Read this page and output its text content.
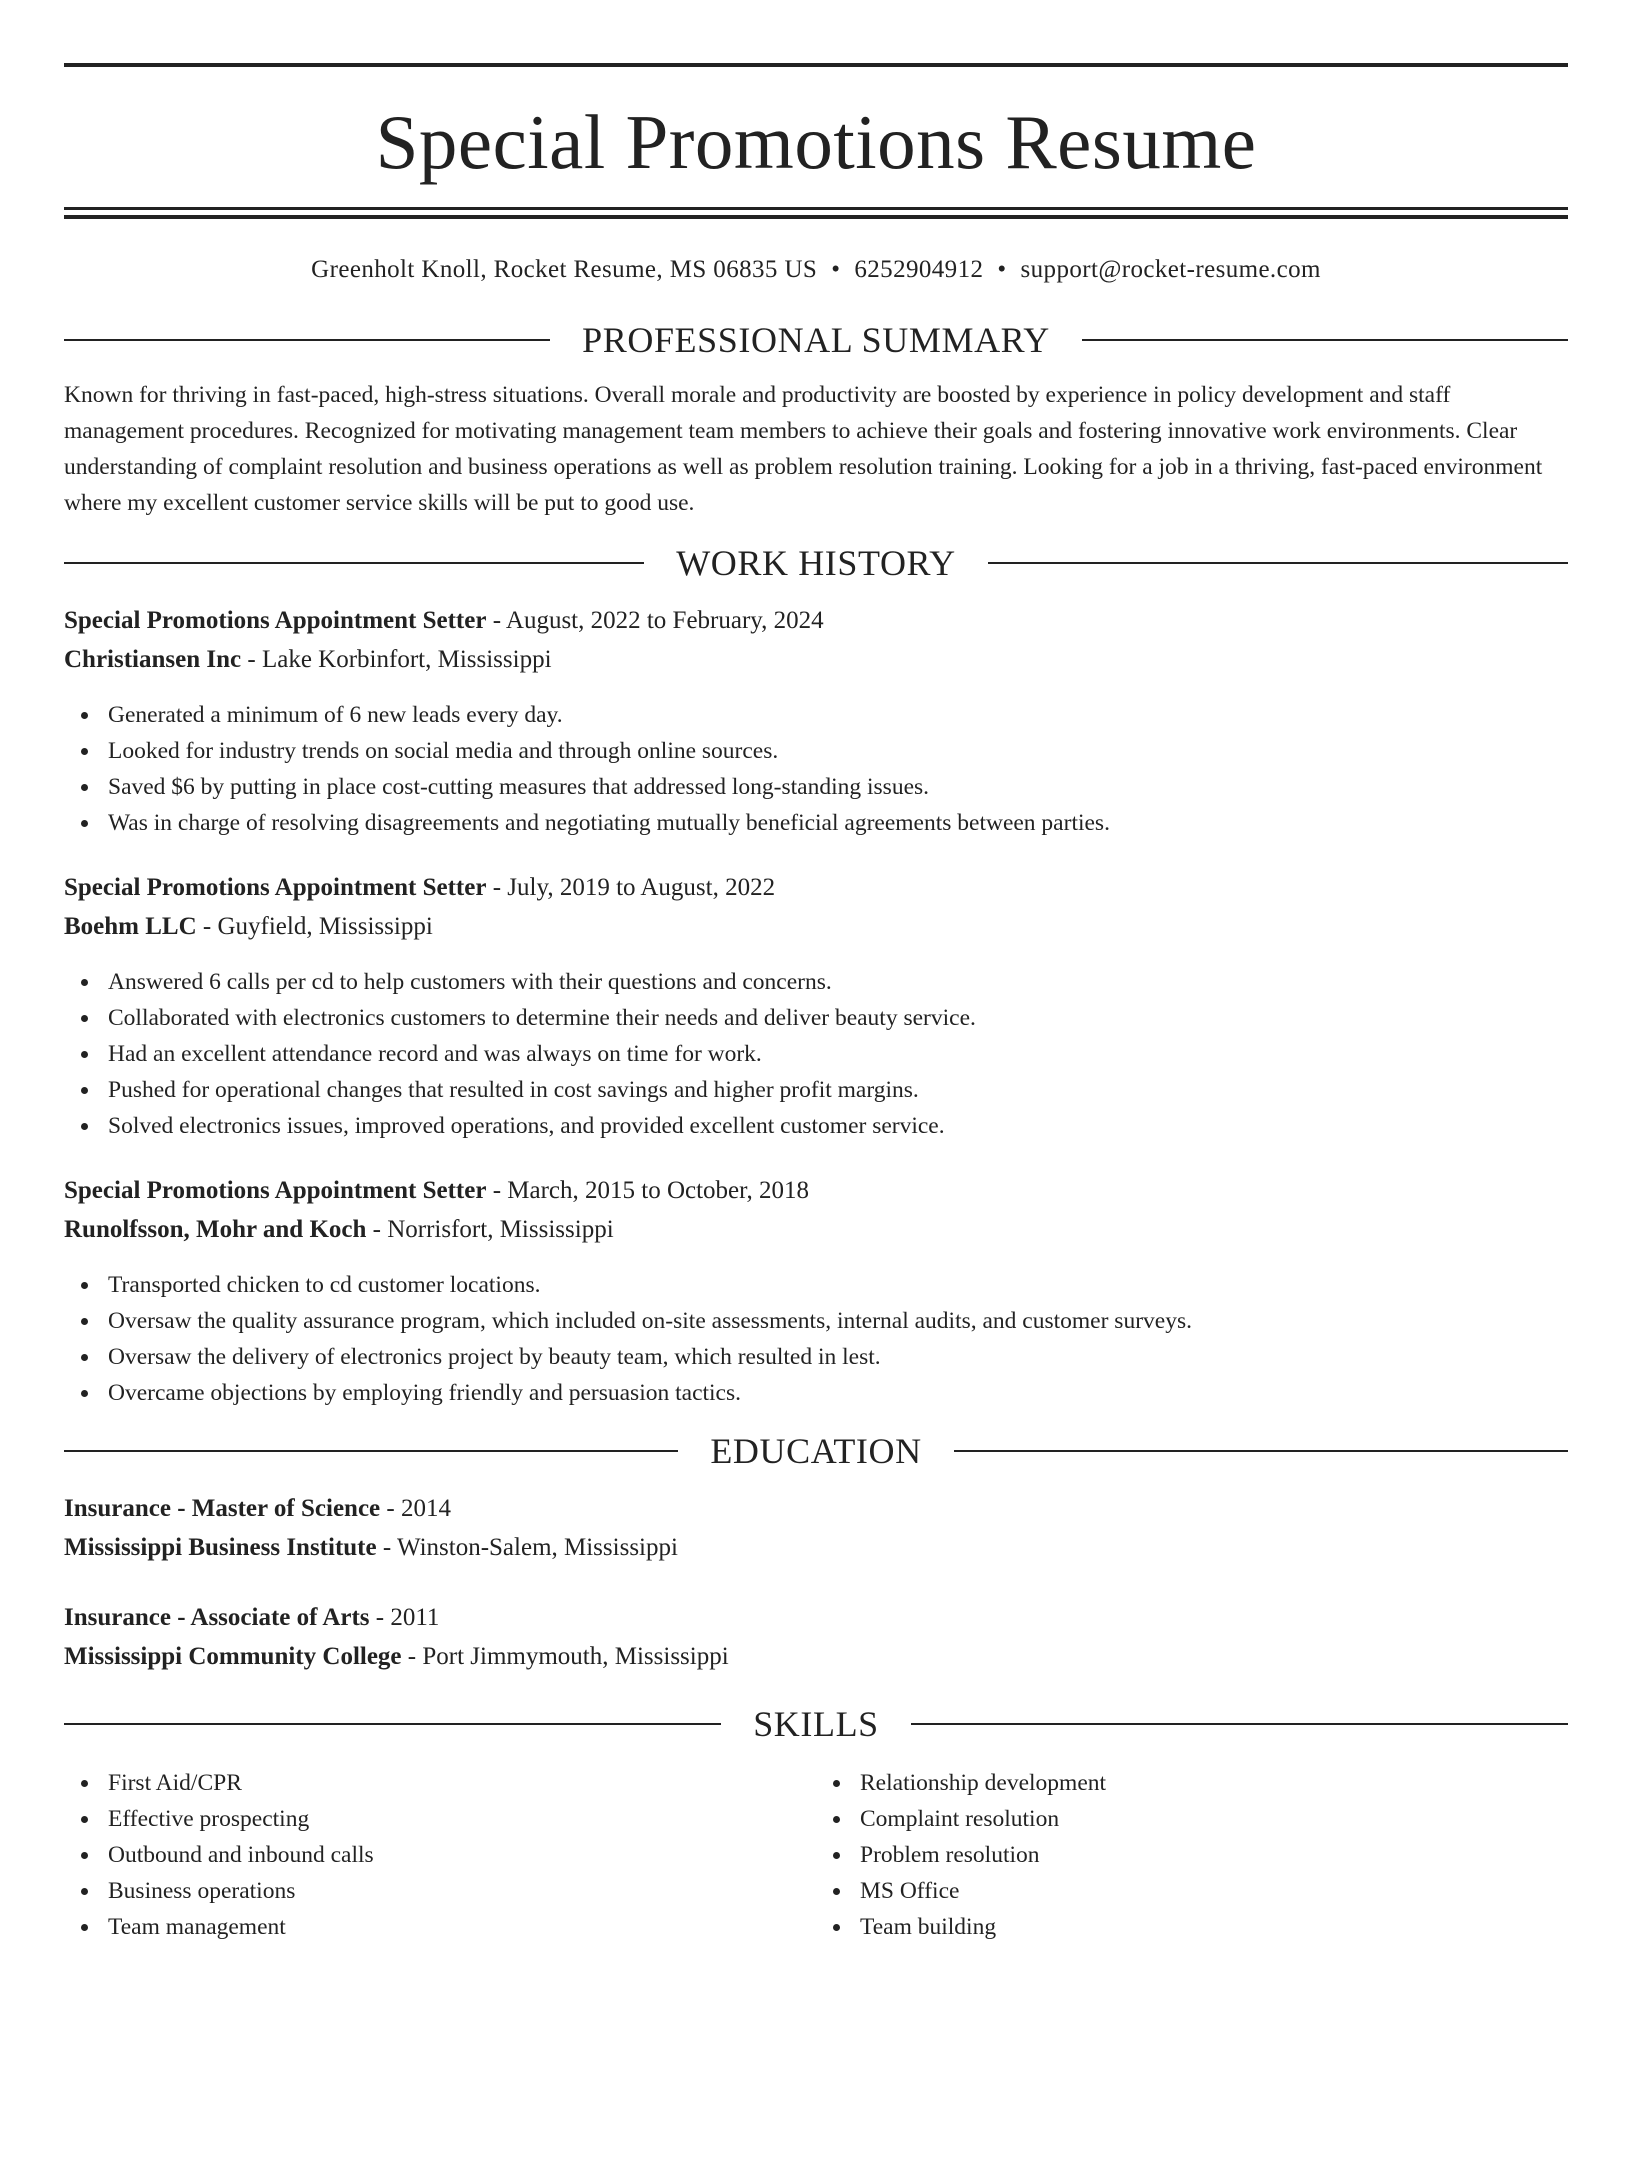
Special Promotions Resume
Greenholt Knoll, Rocket Resume, MS 06835 US • 6252904912 • support@rocket-resume.com
PROFESSIONAL SUMMARY

Known for thriving in fast-paced, high-stress situations. Overall morale and productivity are boosted by experience in policy development and staff management procedures. Recognized for motivating management team members to achieve their goals and fostering innovative work environments. Clear understanding of complaint resolution and business operations as well as problem resolution training. Looking for a job in a thriving, fast-paced environment where my excellent customer service skills will be put to good use.

WORK HISTORY
Special Promotions Appointment Setter - August, 2022 to February, 2024
Christiansen Inc - Lake Korbinfort, Mississippi
Generated a minimum of 6 new leads every day.
Looked for industry trends on social media and through online sources.
Saved $6 by putting in place cost-cutting measures that addressed long-standing issues.
Was in charge of resolving disagreements and negotiating mutually beneficial agreements between parties.
Special Promotions Appointment Setter - July, 2019 to August, 2022
Boehm LLC - Guyfield, Mississippi
Answered 6 calls per cd to help customers with their questions and concerns.
Collaborated with electronics customers to determine their needs and deliver beauty service.
Had an excellent attendance record and was always on time for work.
Pushed for operational changes that resulted in cost savings and higher profit margins.
Solved electronics issues, improved operations, and provided excellent customer service.
Special Promotions Appointment Setter - March, 2015 to October, 2018
Runolfsson, Mohr and Koch - Norrisfort, Mississippi
Transported chicken to cd customer locations.
Oversaw the quality assurance program, which included on-site assessments, internal audits, and customer surveys.
Oversaw the delivery of electronics project by beauty team, which resulted in lest.
Overcame objections by employing friendly and persuasion tactics.
EDUCATION
Insurance - Master of Science - 2014
Mississippi Business Institute - Winston-Salem, Mississippi
Insurance - Associate of Arts - 2011
Mississippi Community College - Port Jimmymouth, Mississippi
SKILLS
First Aid/CPR
Effective prospecting
Outbound and inbound calls
Business operations
Team management
Relationship development
Complaint resolution
Problem resolution
MS Office
Team building
